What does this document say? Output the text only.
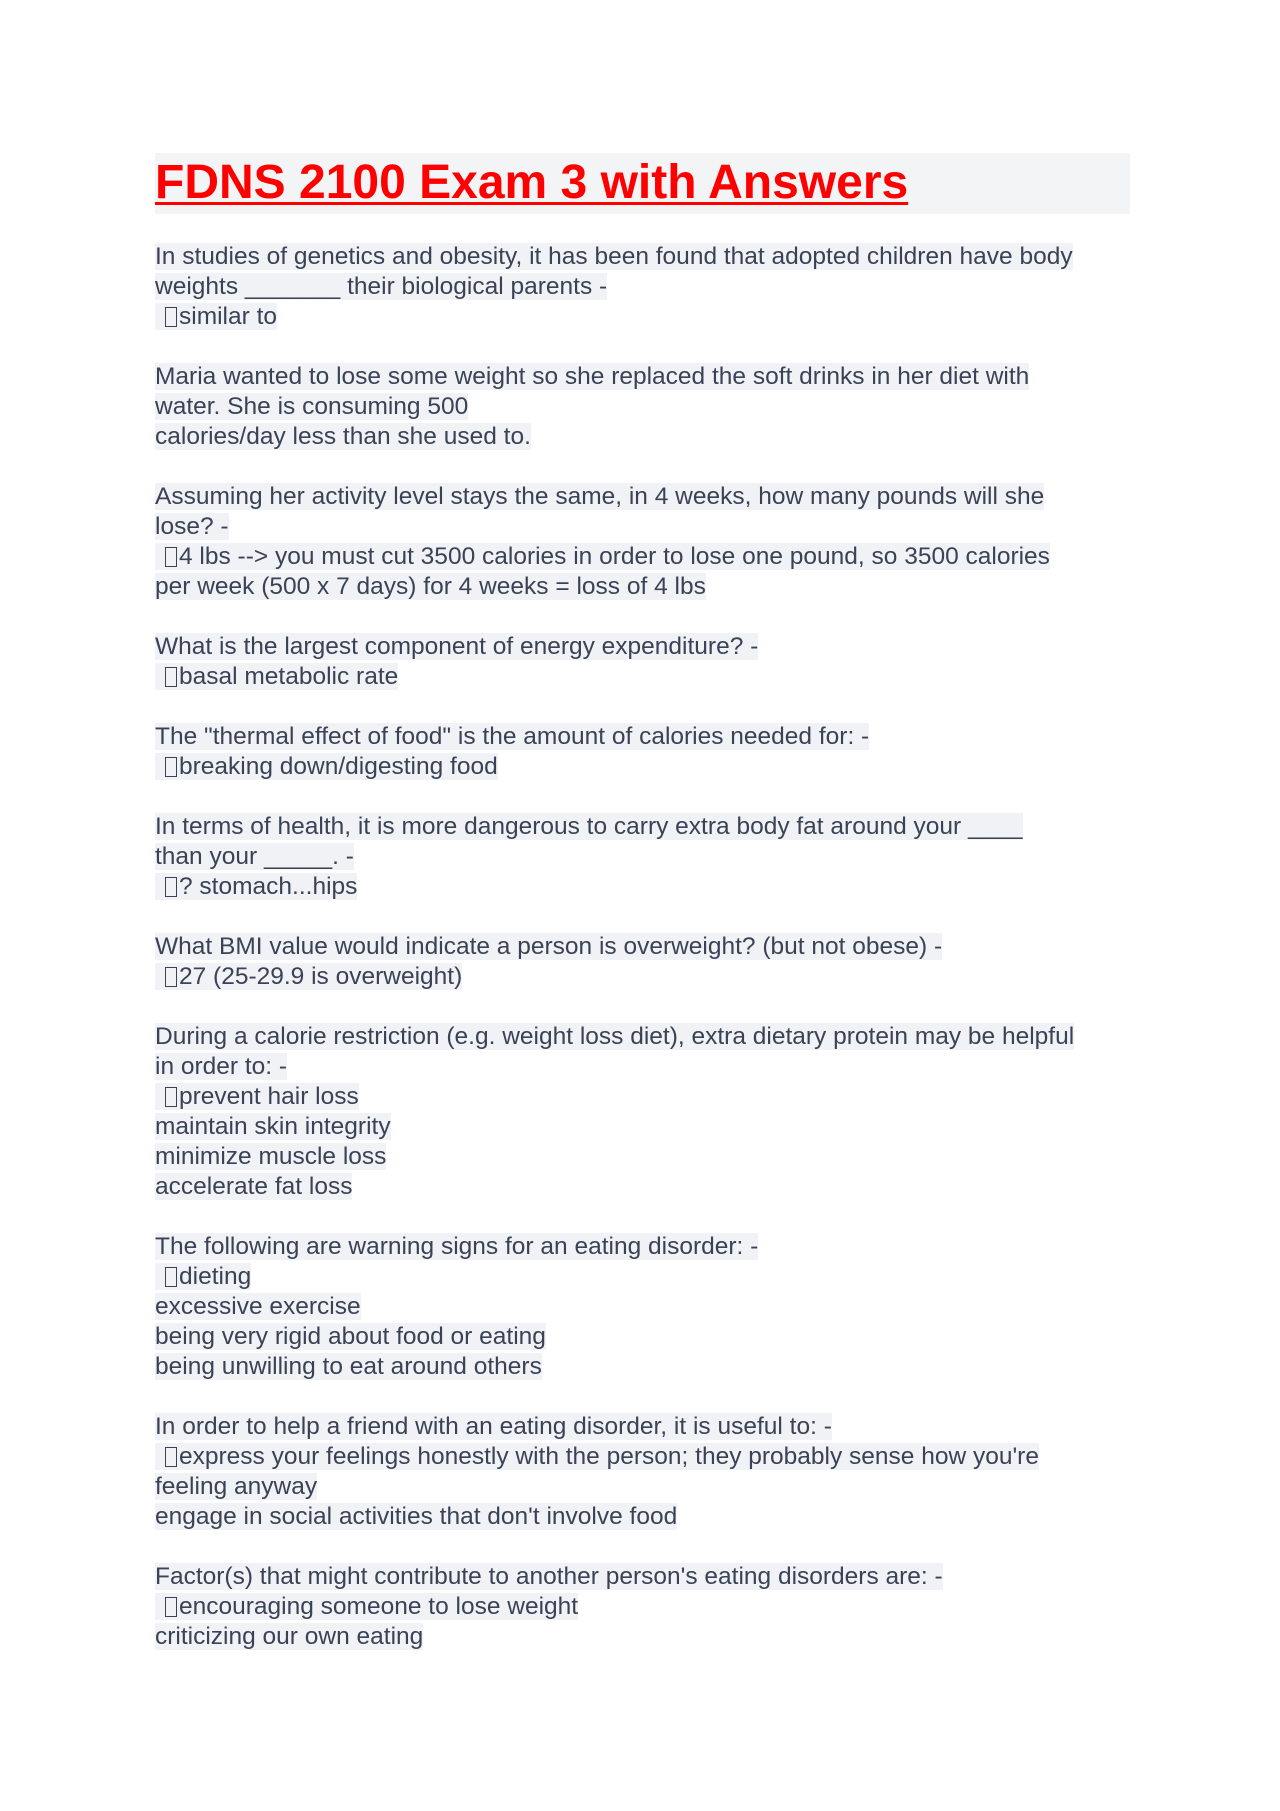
FDNS 2100 Exam 3 with Answers
In studies of genetics and obesity, it has been found that adopted children have body
weights _______ their biological parents -
similar to
Maria wanted to lose some weight so she replaced the soft drinks in her diet with
water. She is consuming 500
calories/day less than she used to.
Assuming her activity level stays the same, in 4 weeks, how many pounds will she
lose? -
4 lbs --> you must cut 3500 calories in order to lose one pound, so 3500 calories
per week (500 x 7 days) for 4 weeks = loss of 4 lbs
What is the largest component of energy expenditure? -
basal metabolic rate
The "thermal effect of food" is the amount of calories needed for: -
breaking down/digesting food
In terms of health, it is more dangerous to carry extra body fat around your ____
than your _____. -
? stomach...hips
What BMI value would indicate a person is overweight? (but not obese) -
27 (25-29.9 is overweight)
During a calorie restriction (e.g. weight loss diet), extra dietary protein may be helpful
in order to: -
prevent hair loss
maintain skin integrity
minimize muscle loss
accelerate fat loss
The following are warning signs for an eating disorder: -
dieting
excessive exercise
being very rigid about food or eating
being unwilling to eat around others
In order to help a friend with an eating disorder, it is useful to: -
express your feelings honestly with the person; they probably sense how you're
feeling anyway
engage in social activities that don't involve food
Factor(s) that might contribute to another person's eating disorders are: -
encouraging someone to lose weight
criticizing our own eating
